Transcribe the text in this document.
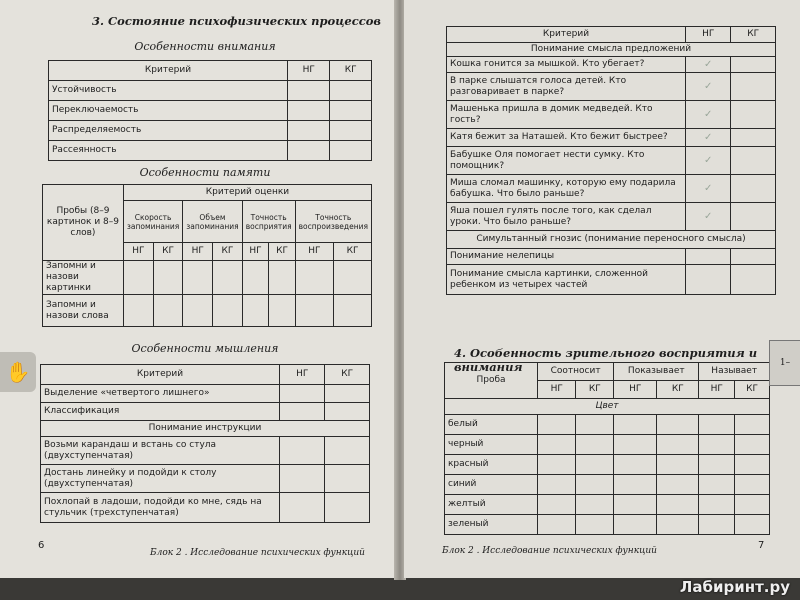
3. Состояние психофизических процессов
Особенности внимания
Критерий	НГ	КГ
Устойчивость		
Переключаемость		
Распределяемость		
Рассеянность		
Особенности памяти
Пробы (8–9 картинок и 8–9 слов)	Критерий оценки							
	Скорость запоминания		Объем запоминания		Точность восприятия		Точность воспроизведения	
	НГ	КГ	НГ	КГ	НГ	КГ	НГ	КГ
Запомни и назови картинки								
Запомни и назови слова								
✋
Особенности мышления
Критерий	НГ	КГ
Выделение «четвертого лишнего»		
Классификация		
Понимание инструкции		
Возьми карандаш и встань со стула (двухступенчатая)		
Достань линейку и подойди к столу (двухступенчатая)		
Похлопай в ладоши, подойди ко мне, сядь на стульчик (трехступенчатая)		
6
Блок 2 . Исследование психических функций
Критерий	НГ	КГ
Понимание смысла предложений		
Кошка гонится за мышкой. Кто убегает?	✓	
В парке слышатся голоса детей. Кто разговаривает в парке?	✓	
Машенька пришла в домик медведей. Кто гость?	✓	
Катя бежит за Наташей. Кто бежит быстрее?	✓	
Бабушке Оля помогает нести сумку. Кто помощник?	✓	
Миша сломал машинку, которую ему подарила бабушка. Что было раньше?	✓	
Яша пошел гулять после того, как сделал уроки. Что было раньше?	✓	
Симультанный гнозис (понимание переносного смысла)		
Понимание нелепицы		
Понимание смысла картинки, сложенной ребенком из четырех частей		
4. Особенность зрительного восприятия и внимания
Проба	Соотносит		Показывает		Называет	
	НГ	КГ	НГ	КГ	НГ	КГ
Цвет						
белый						
черный						
красный						
синий						
желтый						
зеленый						
1–
Блок 2 . Исследование психических функций	7
Лабиринт.ру
